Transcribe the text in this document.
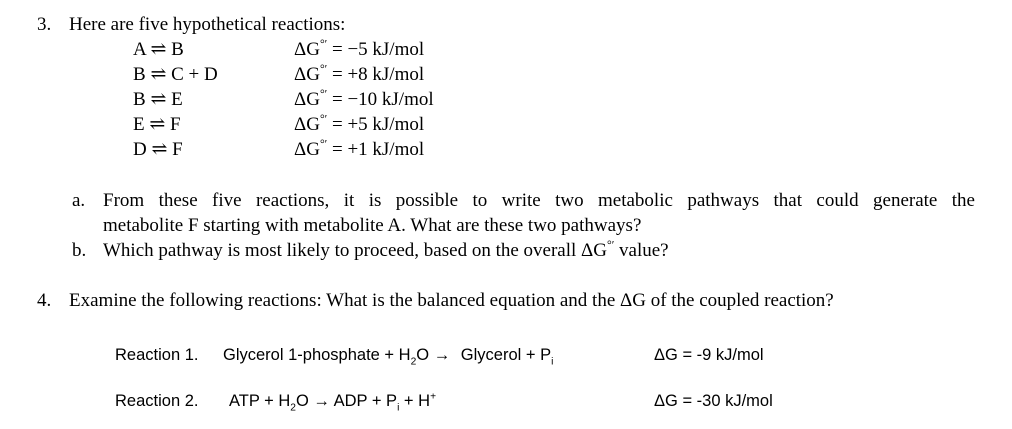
3. Here are five hypothetical reactions:
A ⇌ B	ΔG°′ = −5 kJ/mol
B ⇌ C + D	ΔG°′ = +8 kJ/mol
B ⇌ E	ΔG°′ = −10 kJ/mol
E ⇌ F	ΔG°′ = +5 kJ/mol
D ⇌ F	ΔG°′ = +1 kJ/mol
a. From these five reactions, it is possible to write two metabolic pathways that could generate the
metabolite F starting with metabolite A. What are these two pathways?
b. Which pathway is most likely to proceed, based on the overall ΔG°′ value?
4. Examine the following reactions: What is the balanced equation and the ΔG of the coupled reaction?
Reaction 1. Glycerol 1-phosphate + $H_2O$ → Glycerol + $P_i$	ΔG = -9 kJ/mol
Reaction 2. ATP + $H_2O$ → ADP + $P_i + H^+$	ΔG = -30 kJ/mol
